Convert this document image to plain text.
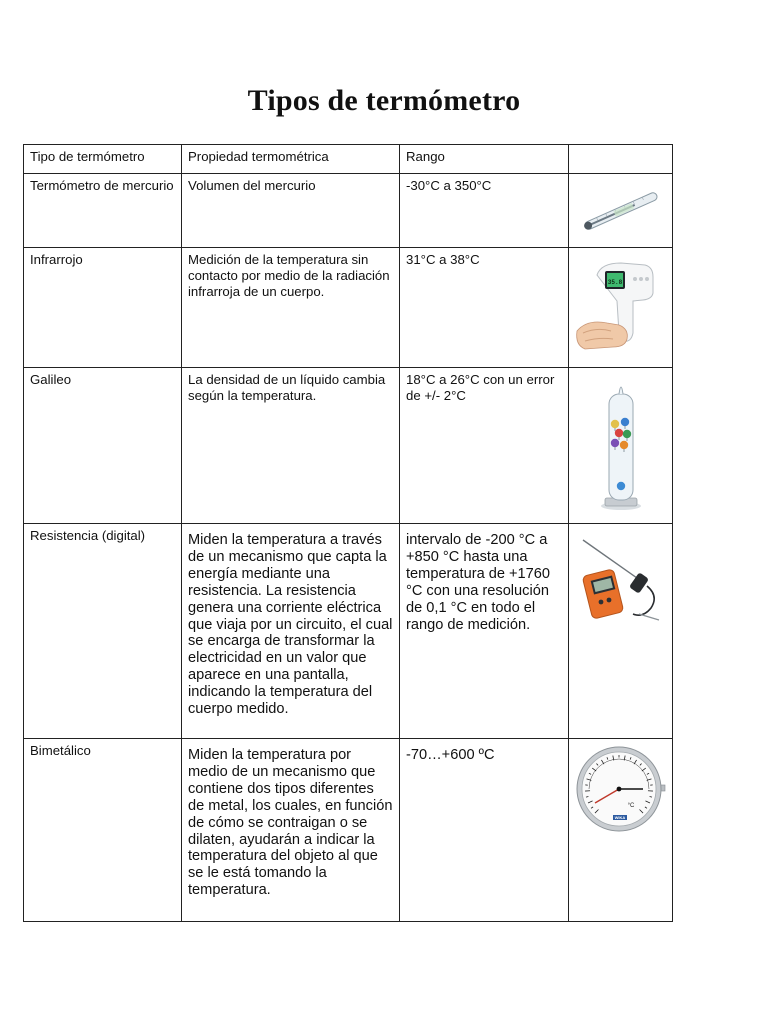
Tipos de termómetro
Tipo de termómetro	Propiedad termométrica	Rango	
Termómetro de mercurio	Volumen del mercurio	-30°C a 350°C	

Infrarrojo	Medición de la temperatura sin contacto por medio de la radiación infrarroja de un cuerpo.	31°C a 38°C	35.8

Galileo	La densidad de un líquido cambia según la temperatura.	18°C a 26°C con un error de +/- 2°C	

Resistencia (digital)	Miden la temperatura a través de un mecanismo que capta la energía mediante una resistencia. La resistencia genera una corriente eléctrica que viaja por un circuito, el cual se encarga de transformar la electricidad en un valor que aparece en una pantalla, indicando la temperatura del cuerpo medido.	intervalo de -200 °C a +850 °C hasta una temperatura de +1760 °C con una resolución de 0,1 °C en todo el rango de medición.	

Bimetálico	Miden la temperatura por medio de un mecanismo que contiene dos tipos diferentes de metal, los cuales, en función de cómo se contraigan o se dilaten, ayudarán a indicar la temperatura del objeto al que se le está tomando la temperatura.	-70…+600 ºC	°C
WIKA
